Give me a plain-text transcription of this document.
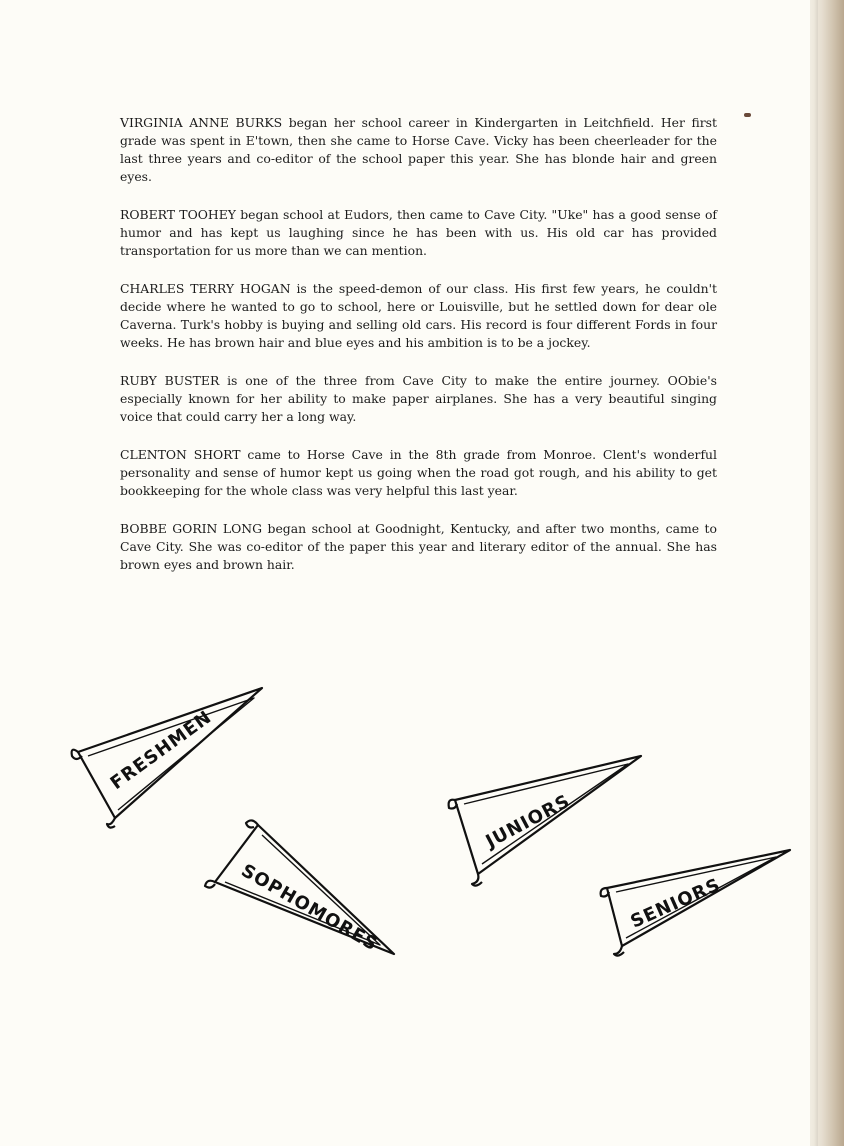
VIRGINIA ANNE BURKS began her school career in Kindergarten in Leitchfield. Her first grade was spent in E'town, then she came to Horse Cave. Vicky has been cheerleader for the last three years and co-editor of the school paper this year. She has blonde hair and green eyes.

ROBERT TOOHEY began school at Eudors, then came to Cave City. "Uke" has a good sense of humor and has kept us laughing since he has been with us. His old car has provided transportation for us more than we can mention.

CHARLES TERRY HOGAN is the speed-demon of our class. His first few years, he couldn't decide where he wanted to go to school, here or Louisville, but he settled down for dear ole Caverna. Turk's hobby is buying and selling old cars. His record is four different Fords in four weeks. He has brown hair and blue eyes and his ambition is to be a jockey.

RUBY BUSTER is one of the three from Cave City to make the entire journey. OObie's especially known for her ability to make paper airplanes. She has a very beautiful singing voice that could carry her a long way.

CLENTON SHORT came to Horse Cave in the 8th grade from Monroe. Clent's wonderful personality and sense of humor kept us going when the road got rough, and his ability to get bookkeeping for the whole class was very helpful this last year.

BOBBE GORIN LONG began school at Goodnight, Kentucky, and after two months, came to Cave City. She was co-editor of the paper this year and literary editor of the annual. She has brown eyes and brown hair.

FRESHMEN
SOPHOMORES
JUNIORS
SENIORS
